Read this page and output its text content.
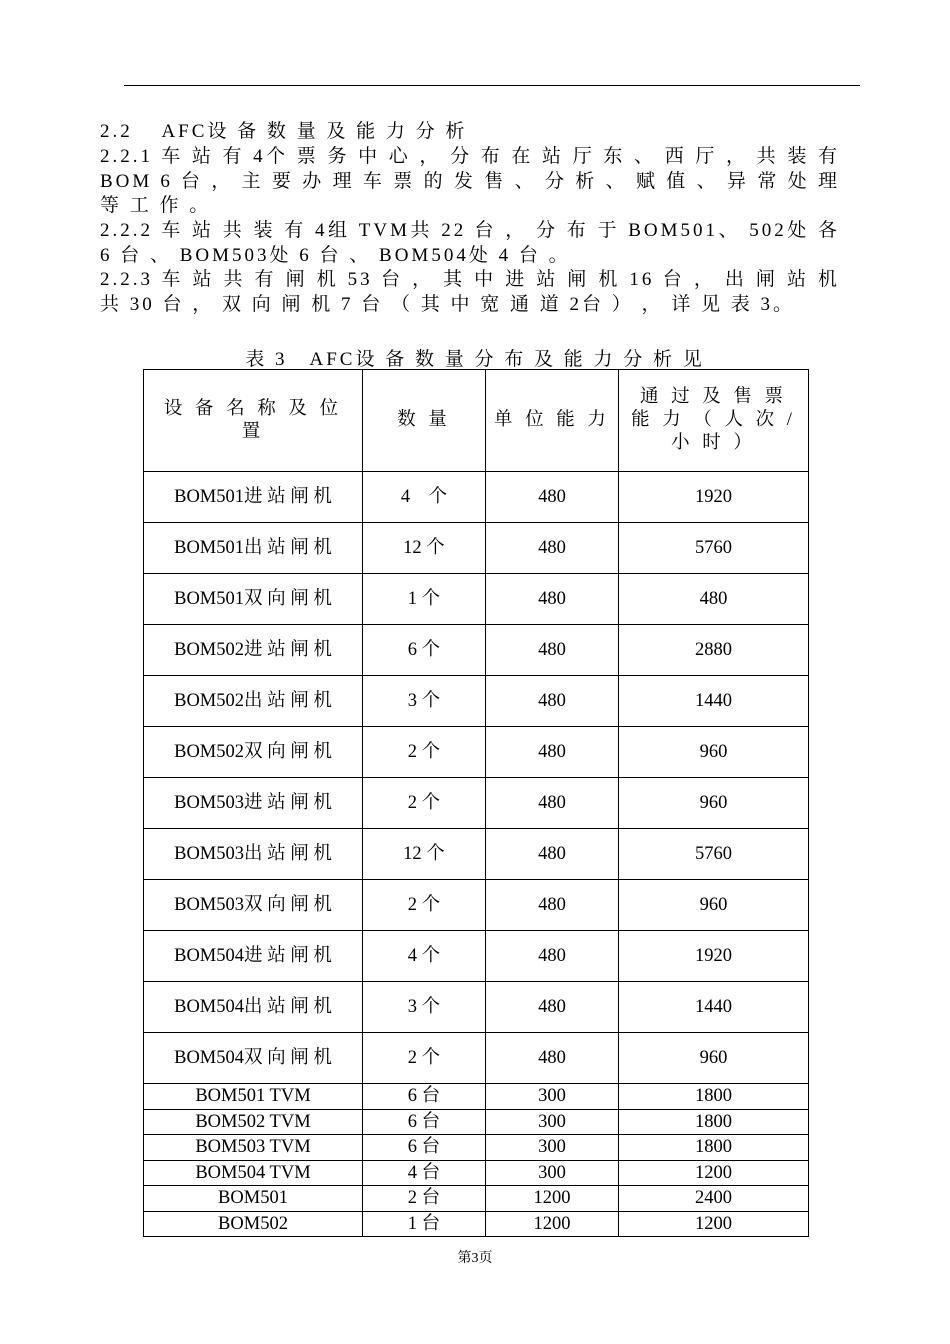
2.2　 AFC设 备 数 量 及 能 力 分 析
2.2.1 车 站 有 4个 票 务 中 心 ， 分 布 在 站 厅 东 、 西 厅 ， 共 装 有 BOM 6 台 ， 主 要 办 理 车 票 的 发 售 、 分 析 、 赋 值 、 异 常 处 理 等 工 作 。
2.2.2 车 站 共 装 有 4组 TVM共 22 台 ， 分 布 于 BOM501、 502处 各 6 台 、 BOM503处 6 台 、 BOM504处 4 台 。
2.2.3 车 站 共 有 闸 机 53 台 ， 其 中 进 站 闸 机 16 台 ， 出 闸 站 机 共 30 台 ， 双 向 闸 机 7 台 （ 其 中 宽 通 道 2台 ） ， 详 见 表 3。
表 3　AFC设 备 数 量 分 布 及 能 力 分 析 见
设 备 名 称 及 位 置	数 量	单 位 能 力	通 过 及 售 票 能 力 （ 人 次 / 小 时 ）
BOM501进 站 闸 机	4　个	480	1920
BOM501出 站 闸 机	12 个	480	5760
BOM501双 向 闸 机	1 个	480	480
BOM502进 站 闸 机	6 个	480	2880
BOM502出 站 闸 机	3 个	480	1440
BOM502双 向 闸 机	2 个	480	960
BOM503进 站 闸 机	2 个	480	960
BOM503出 站 闸 机	12 个	480	5760
BOM503双 向 闸 机	2 个	480	960
BOM504进 站 闸 机	4 个	480	1920
BOM504出 站 闸 机	3 个	480	1440
BOM504双 向 闸 机	2 个	480	960
BOM501 TVM	6 台	300	1800
BOM502 TVM	6 台	300	1800
BOM503 TVM	6 台	300	1800
BOM504 TVM	4 台	300	1200
BOM501	2 台	1200	2400
BOM502	1 台	1200	1200
第3页
